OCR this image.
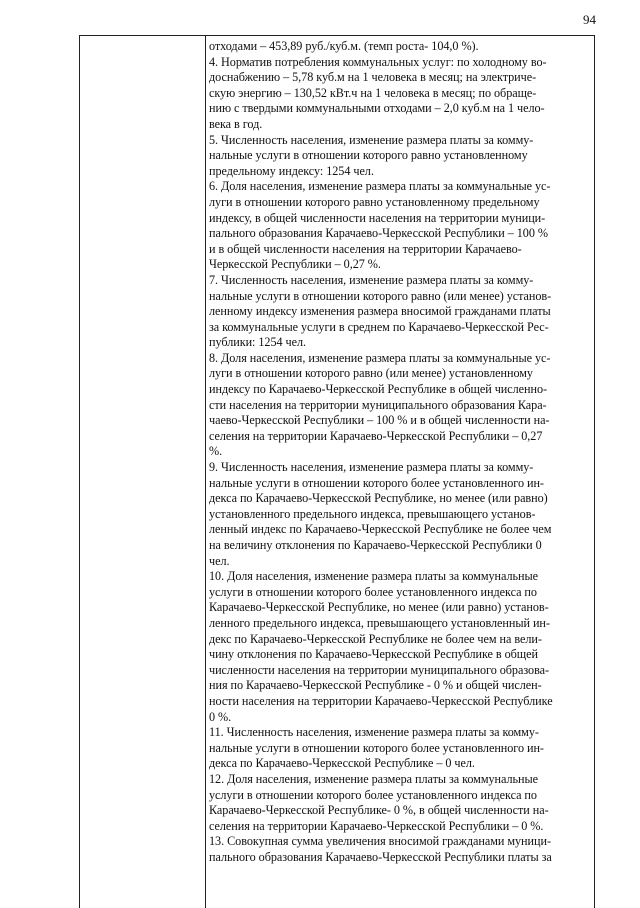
94
отходами – 453,89 руб./куб.м. (темп роста- 104,0 %).
4. Норматив потребления коммунальных услуг: по холодному во-
доснабжению – 5,78 куб.м на 1 человека в месяц; на электриче-
скую энергию – 130,52 кВт.ч на 1 человека в месяц; по обраще-
нию с твердыми коммунальными отходами – 2,0 куб.м на 1 чело-
века в год.
5. Численность населения, изменение размера платы за комму-
нальные услуги в отношении которого равно установленному
предельному индексу: 1254 чел.
6. Доля населения, изменение размера платы за коммунальные ус-
луги в отношении которого равно установленному предельному
индексу, в общей численности населения на территории муници-
пального образования Карачаево-Черкесской Республики – 100 %
и в общей численности населения на территории Карачаево-
Черкесской Республики – 0,27 %.
7. Численность населения, изменение размера платы за комму-
нальные услуги в отношении которого равно (или менее) установ-
ленному индексу изменения размера вносимой гражданами платы
за коммунальные услуги в среднем по Карачаево-Черкесской Рес-
публики: 1254 чел.
8. Доля населения, изменение размера платы за коммунальные ус-
луги в отношении которого равно (или менее) установленному
индексу по Карачаево-Черкесской Республике в общей численно-
сти населения на территории муниципального образования Кара-
чаево-Черкесской Республики – 100 % и в общей численности на-
селения на территории Карачаево-Черкесской Республики – 0,27
%.
9. Численность населения, изменение размера платы за комму-
нальные услуги в отношении которого более установленного ин-
декса по Карачаево-Черкесской Республике, но менее (или равно)
установленного предельного индекса, превышающего установ-
ленный индекс по Карачаево-Черкесской Республике не более чем
на величину отклонения по Карачаево-Черкесской Республики 0
чел.
10. Доля населения, изменение размера платы за коммунальные
услуги в отношении которого более установленного индекса по
Карачаево-Черкесской Республике, но менее (или равно) установ-
ленного предельного индекса, превышающего установленный ин-
декс по Карачаево-Черкесской Республике не более чем на вели-
чину отклонения по Карачаево-Черкесской Республике в общей
численности населения на территории муниципального образова-
ния по Карачаево-Черкесской Республике - 0 % и общей числен-
ности населения на территории Карачаево-Черкесской Республике
0 %.
11. Численность населения, изменение размера платы за комму-
нальные услуги в отношении которого более установленного ин-
декса по Карачаево-Черкесской Республике – 0 чел.
12. Доля населения, изменение размера платы за коммунальные
услуги в отношении которого более установленного индекса по
Карачаево-Черкесской Республике- 0 %, в общей численности на-
селения на территории Карачаево-Черкесской Республики – 0 %.
13. Совокупная сумма увеличения вносимой гражданами муници-
пального образования Карачаево-Черкесской Республики платы за
